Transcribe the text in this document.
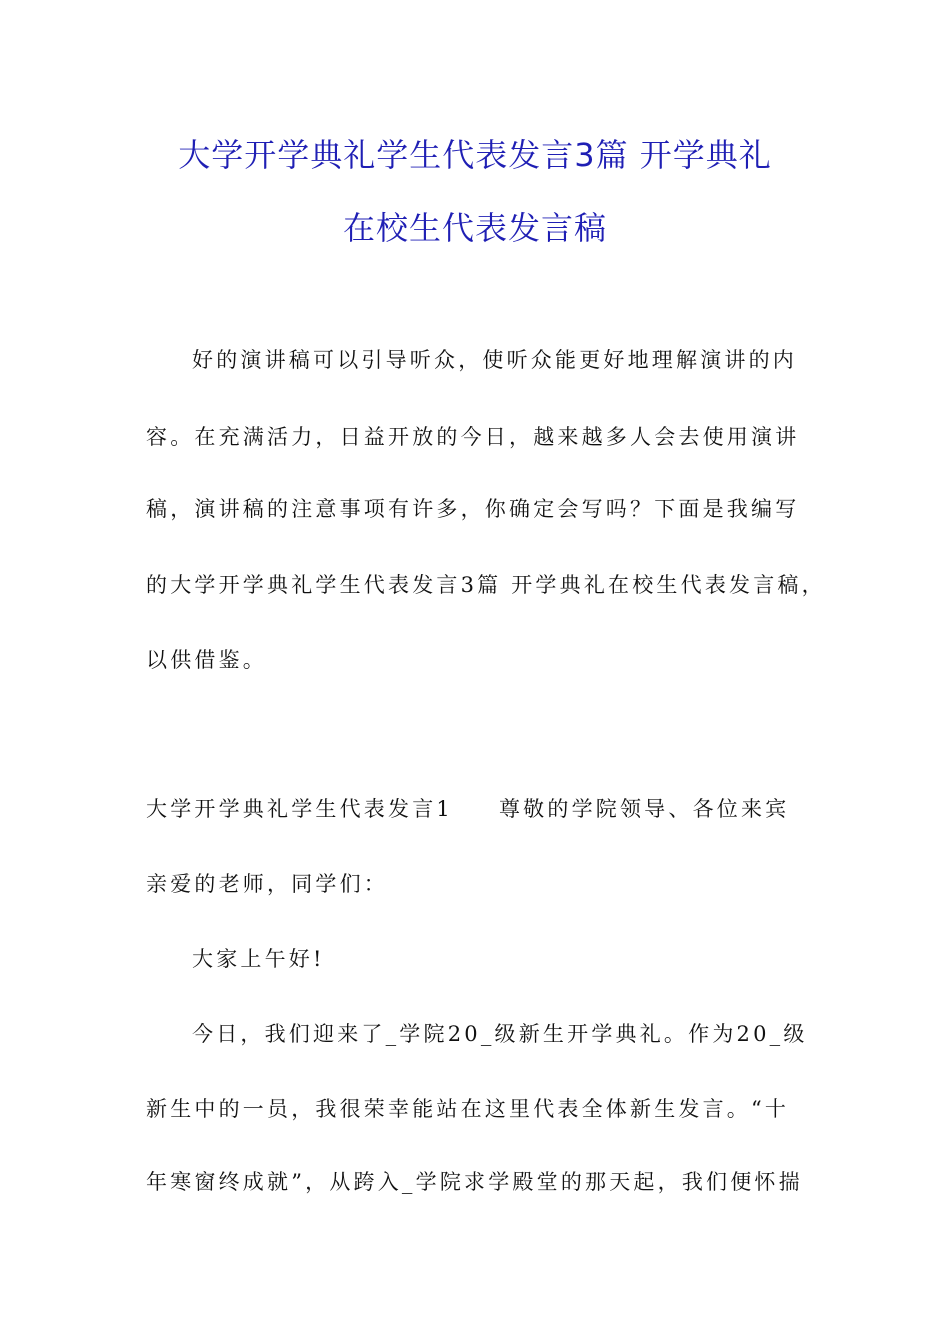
大学开学典礼学生代表发言3篇 开学典礼
在校生代表发言稿
好的演讲稿可以引导听众，使听众能更好地理解演讲的内
容。在充满活力，日益开放的今日，越来越多人会去使用演讲
稿，演讲稿的注意事项有许多，你确定会写吗？下面是我编写
的大学开学典礼学生代表发言3篇 开学典礼在校生代表发言稿，
以供借鉴。
大学开学典礼学生代表发言1 尊敬的学院领导、各位来宾
亲爱的老师，同学们：
大家上午好!
今日，我们迎来了_学院20_级新生开学典礼。作为20_级
新生中的一员，我很荣幸能站在这里代表全体新生发言。“十
年寒窗终成就”，从跨入_学院求学殿堂的那天起，我们便怀揣
